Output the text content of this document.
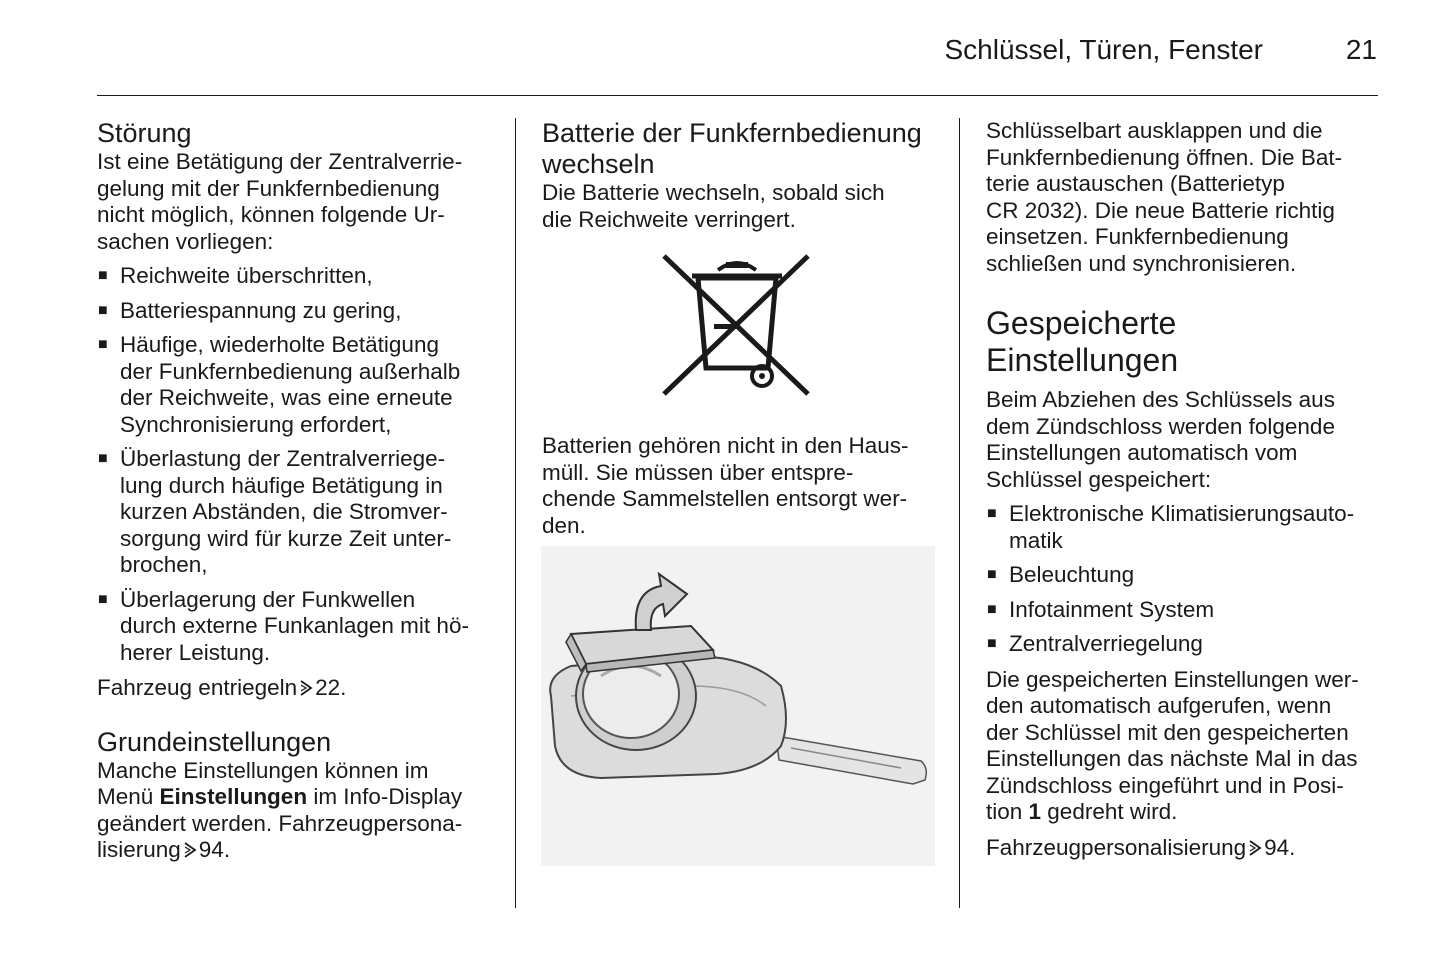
Schlüssel, Türen, Fenster	21
Störung

Ist eine Betätigung der Zentralverrie-
gelung mit der Funkfernbedienung
nicht möglich, können folgende Ur-
sachen vorliegen:

■ Reichweite überschritten,
■ Batteriespannung zu gering,
■ Häufige, wiederholte Betätigung
der Funkfernbedienung außerhalb
der Reichweite, was eine erneute
Synchronisierung erfordert,
■ Überlastung der Zentralverriege-
lung durch häufige Betätigung in
kurzen Abständen, die Stromver-
sorgung wird für kurze Zeit unter-
brochen,
■ Überlagerung der Funkwellen
durch externe Funkanlagen mit hö-
herer Leistung.

Fahrzeug entriegeln 22.

Grundeinstellungen

Manche Einstellungen können im
Menü Einstellungen im Info-Display
geändert werden. Fahrzeugpersona-
lisierung 94.

Batterie der Funkfernbedienung
wechseln

Die Batterie wechseln, sobald sich
die Reichweite verringert.

Batterien gehören nicht in den Haus-
müll. Sie müssen über entspre-
chende Sammelstellen entsorgt wer-
den.

Schlüsselbart ausklappen und die
Funkfernbedienung öffnen. Die Bat-
terie austauschen (Batterietyp
CR 2032). Die neue Batterie richtig
einsetzen. Funkfernbedienung
schließen und synchronisieren.

Gespeicherte
Einstellungen

Beim Abziehen des Schlüssels aus
dem Zündschloss werden folgende
Einstellungen automatisch vom
Schlüssel gespeichert:

■ Elektronische Klimatisierungsauto-
matik
■ Beleuchtung
■ Infotainment System
■ Zentralverriegelung

Die gespeicherten Einstellungen wer-
den automatisch aufgerufen, wenn
der Schlüssel mit den gespeicherten
Einstellungen das nächste Mal in das
Zündschloss eingeführt und in Posi-
tion 1 gedreht wird.

Fahrzeugpersonalisierung 94.
